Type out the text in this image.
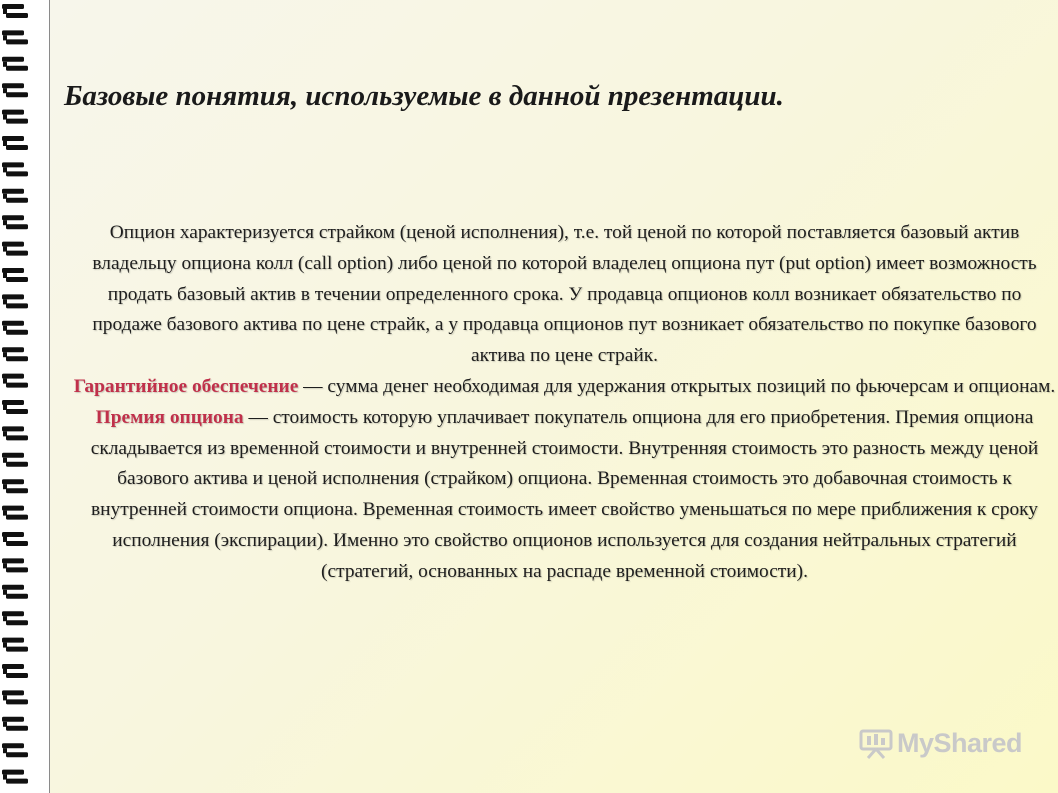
Базовые понятия, используемые в данной презентации.

Опцион характеризуется страйком (ценой исполнения), т.е. той ценой по которой поставляется базовый актив владельцу опциона колл (call option) либо ценой по которой владелец опциона пут (put option) имеет возможность продать базовый актив в течении определенного срока. У продавца опционов колл возникает обязательство по продаже базового актива по цене страйк, а у продавца опционов пут возникает обязательство по покупке базового актива по цене страйк.

Гарантийное обеспечение — сумма денег необходимая для удержания открытых позиций по фьючерсам и опционам.

Премия опциона — стоимость которую уплачивает покупатель опциона для его приобретения. Премия опциона складывается из временной стоимости и внутренней стоимости. Внутренняя стоимость это разность между ценой базового актива и ценой исполнения (страйком) опциона. Временная стоимость это добавочная стоимость к внутренней стоимости опциона. Временная стоимость имеет свойство уменьшаться по мере приближения к сроку исполнения (экспирации). Именно это свойство опционов используется для создания нейтральных стратегий (стратегий, основанных на распаде временной стоимости).

MyShared
